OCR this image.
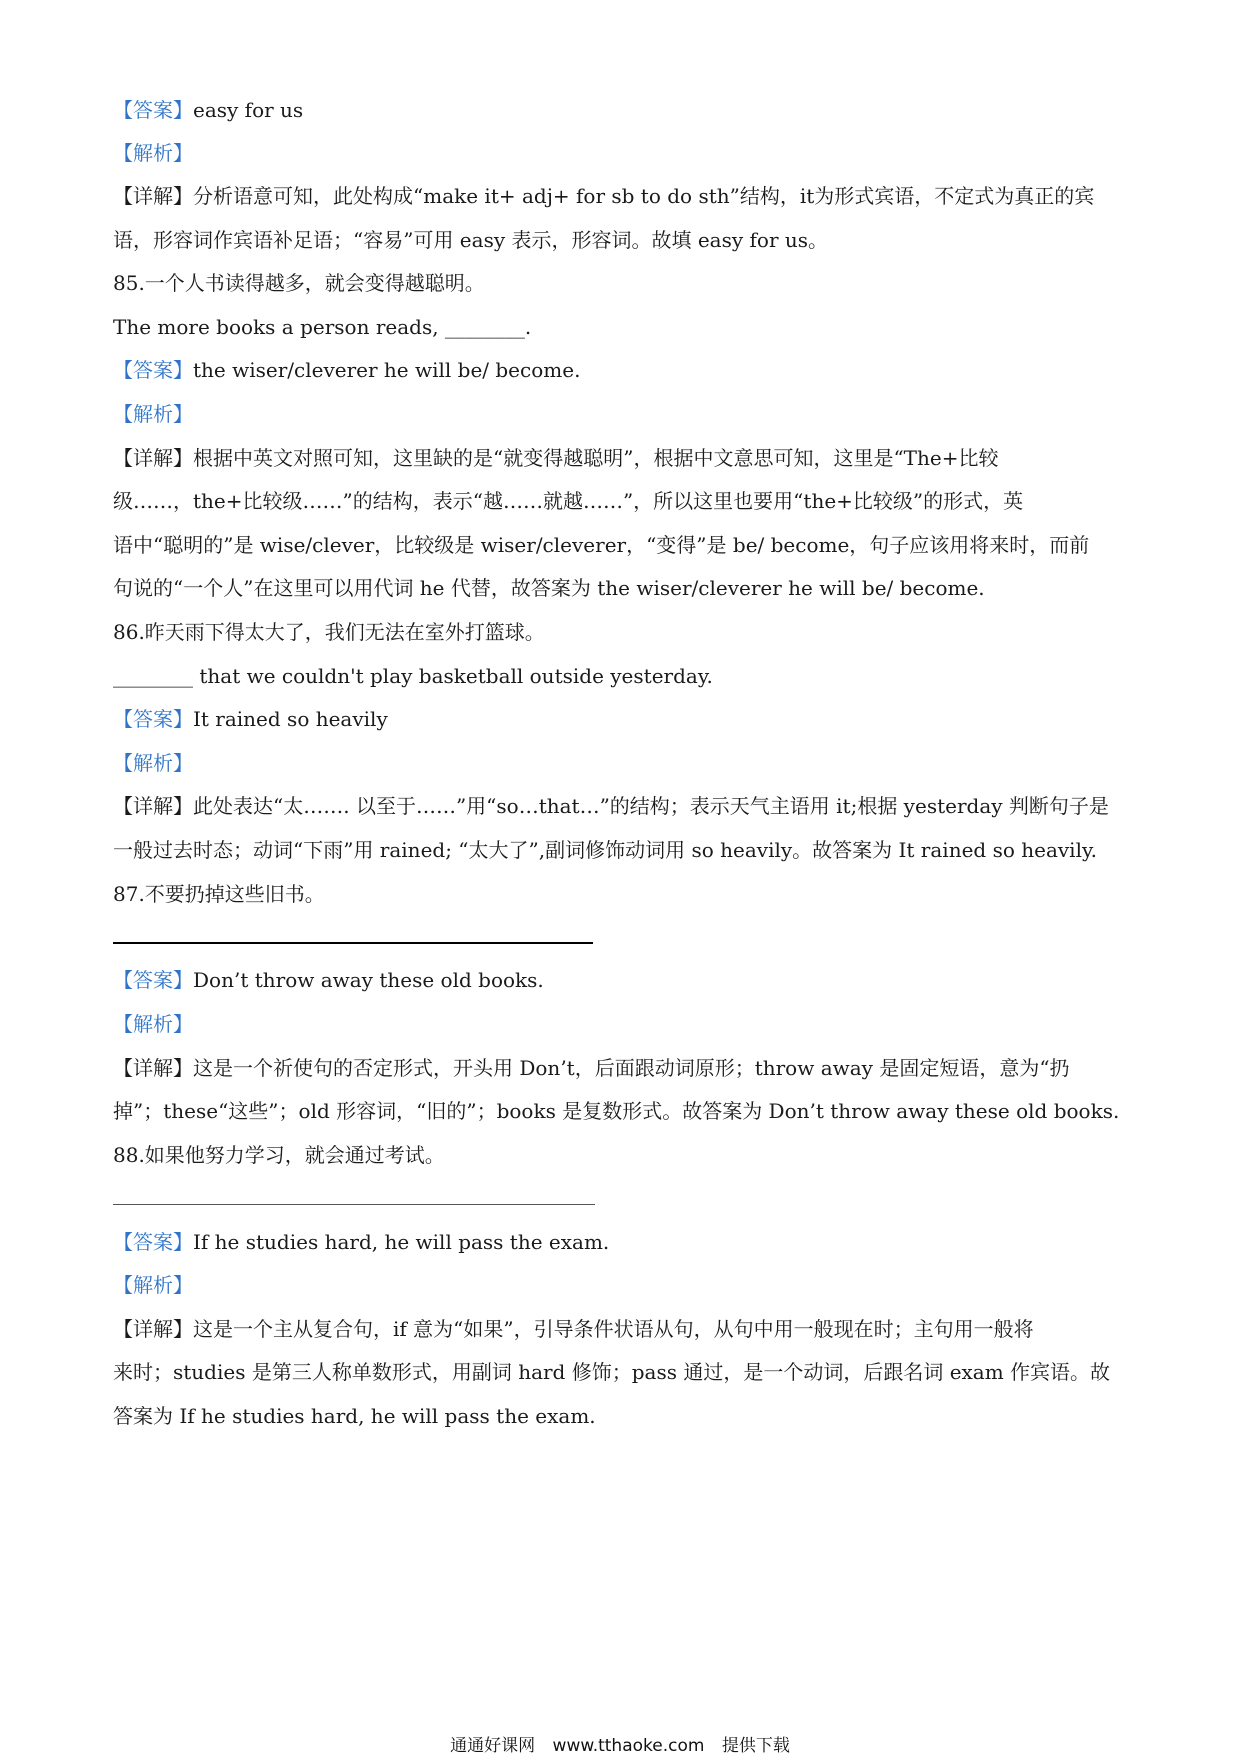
【答案】easy for us
【解析】
【详解】分析语意可知，此处构成“make it+ adj+ for sb to do sth”结构，it为形式宾语，不定式为真正的宾
语，形容词作宾语补足语；“容易”可用 easy 表示，形容词。故填 easy for us。
85.一个人书读得越多，就会变得越聪明。
The more books a person reads, ________.
【答案】the wiser/cleverer he will be/ become.
【解析】
【详解】根据中英文对照可知，这里缺的是“就变得越聪明”，根据中文意思可知，这里是“The+比较
级……，the+比较级……”的结构，表示“越……就越……”，所以这里也要用“the+比较级”的形式，英
语中“聪明的”是 wise/clever，比较级是 wiser/cleverer，“变得”是 be/ become，句子应该用将来时，而前
句说的“一个人”在这里可以用代词 he 代替，故答案为 the wiser/cleverer he will be/ become.
86.昨天雨下得太大了，我们无法在室外打篮球。
________ that we couldn't play basketball outside yesterday.
【答案】It rained so heavily
【解析】
【详解】此处表达“太……. 以至于……”用“so…that…”的结构；表示天气主语用 it;根据 yesterday 判断句子是
一般过去时态；动词“下雨”用 rained; “太大了”,副词修饰动词用 so heavily。故答案为 It rained so heavily.
87.不要扔掉这些旧书。
【答案】Don’t throw away these old books.
【解析】
【详解】这是一个祈使句的否定形式，开头用 Don’t，后面跟动词原形；throw away 是固定短语，意为“扔
掉”；these“这些”；old 形容词，“旧的”；books 是复数形式。故答案为 Don’t throw away these old books.
88.如果他努力学习，就会通过考试。
【答案】If he studies hard, he will pass the exam.
【解析】
【详解】这是一个主从复合句，if 意为“如果”，引导条件状语从句，从句中用一般现在时；主句用一般将
来时；studies 是第三人称单数形式，用副词 hard 修饰；pass 通过，是一个动词，后跟名词 exam 作宾语。故
答案为 If he studies hard, he will pass the exam.
通通好课网 www.tthaoke.com 提供下载
